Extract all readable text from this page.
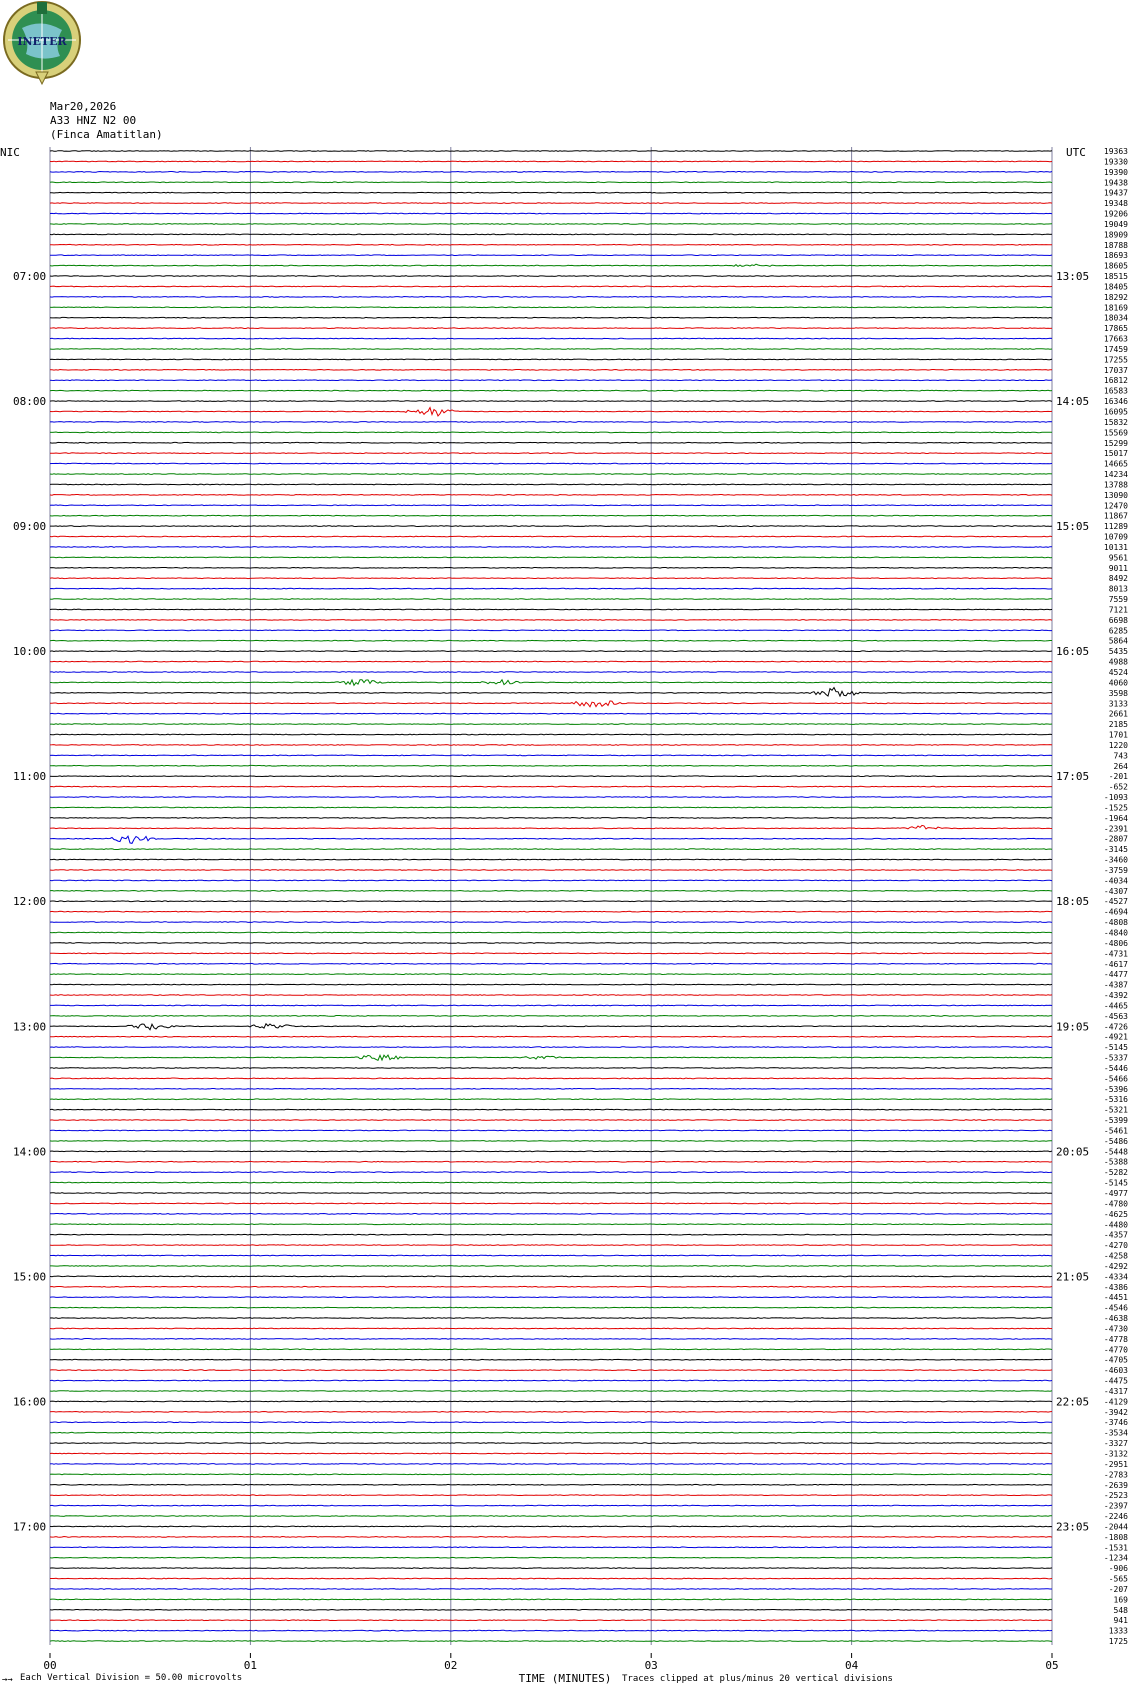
INETER
Mar20,2026
A33 HNZ N2 00
(Finca Amatitlan)
07:00
08:00
09:00
10:00
11:00
12:00
13:00
14:00
15:00
16:00
17:00
13:05
14:05
15:05
16:05
17:05
18:05
19:05
20:05
21:05
22:05
23:05
19363
19330
19390
19438
19437
19348
19206
19049
18909
18788
18693
18605
18515
18405
18292
18169
18034
17865
17663
17459
17255
17037
16812
16583
16346
16095
15832
15569
15299
15017
14665
14234
13788
13090
12470
11867
11289
10709
10131
9561
9011
8492
8013
7559
7121
6698
6285
5864
5435
4988
4524
4060
3598
3133
2661
2185
1701
1220
743
264
-201
-652
-1093
-1525
-1964
-2391
-2807
-3145
-3460
-3759
-4034
-4307
-4527
-4694
-4808
-4840
-4806
-4731
-4617
-4477
-4387
-4392
-4465
-4563
-4726
-4921
-5145
-5337
-5446
-5466
-5396
-5316
-5321
-5399
-5461
-5486
-5448
-5388
-5282
-5145
-4977
-4780
-4625
-4480
-4357
-4270
-4258
-4292
-4334
-4386
-4451
-4546
-4638
-4730
-4778
-4770
-4705
-4603
-4475
-4317
-4129
-3942
-3746
-3534
-3327
-3132
-2951
-2783
-2639
-2523
-2397
-2246
-2044
-1808
-1531
-1234
-906
-565
-207
169
548
941
1333
1725
00	01	02	03	04	05
NIC	UTC
TIME (MINUTES)
→→ Each Vertical Division = 50.00 microvolts	Traces clipped at plus/minus 20 vertical divisions
